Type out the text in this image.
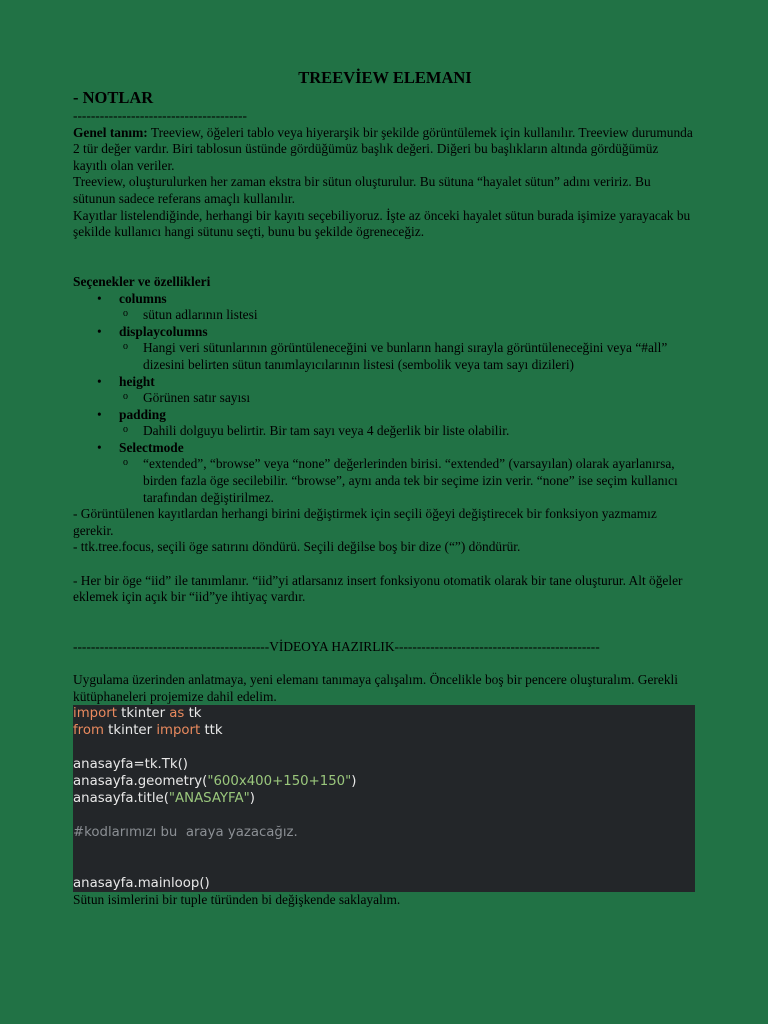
TREEVİEW ELEMANI

- NOTLAR

---------------------------------------

Genel tanım: Treeview, öğeleri tablo veya hiyerarşik bir şekilde görüntülemek için kullanılır. Treeview durumunda 2 tür değer vardır. Biri tablosun üstünde gördüğümüz başlık değeri. Diğeri bu başlıkların altında gördüğümüz kayıtlı olan veriler.

Treeview, oluşturulurken her zaman ekstra bir sütun oluşturulur. Bu sütuna “hayalet sütun” adını veririz. Bu sütunun sadece referans amaçlı kullanılır.

Kayıtlar listelendiğinde, herhangi bir kayıtı seçebiliyoruz. İşte az önceki hayalet sütun burada işimize yarayacak bu şekilde kullanıcı hangi sütunu seçti, bunu bu şekilde ögreneceğiz.

Seçenekler ve özellikleri

• columns
o sütun adlarının listesi
• displaycolumns
o Hangi veri sütunlarının görüntüleneceğini ve bunların hangi sırayla görüntüleneceğini veya “#all” dizesini belirten sütun tanımlayıcılarının listesi (sembolik veya tam sayı dizileri)
• height
o Görünen satır sayısı
• padding
o Dahili dolguyu belirtir. Bir tam sayı veya 4 değerlik bir liste olabilir.
• Selectmode
o “extended”, “browse” veya “none” değerlerinden birisi. “extended” (varsayılan) olarak ayarlanırsa, birden fazla öge secilebilir. “browse”, aynı anda tek bir seçime izin verir. “none” ise seçim kullanıcı tarafından değiştirilmez.

- Görüntülenen kayıtlardan herhangi birini değiştirmek için seçili öğeyi değiştirecek bir fonksiyon yazmamız gerekir.

- ttk.tree.focus, seçili öge satırını döndürü. Seçili değilse boş bir dize (“”) döndürür.

- Her bir öge “iid” ile tanımlanır. “iid”yi atlarsanız insert fonksiyonu otomatik olarak bir tane oluşturur. Alt öğeler eklemek için açık bir “iid”ye ihtiyaç vardır.

--------------------------------------------VİDEOYA HAZIRLIK----------------------------------------------

Uygulama üzerinden anlatmaya, yeni elemanı tanımaya çalışalım. Öncelikle boş bir pencere oluşturalım. Gerekli kütüphaneleri projemize dahil edelim.

import tkinter as tk
from tkinter import ttk
anasayfa=tk.Tk()
anasayfa.geometry("600x400+150+150")
anasayfa.title("ANASAYFA")
#kodlarımızı bu  araya yazacağız.
anasayfa.mainloop()

Sütun isimlerini bir tuple türünden bi değişkende saklayalım.
